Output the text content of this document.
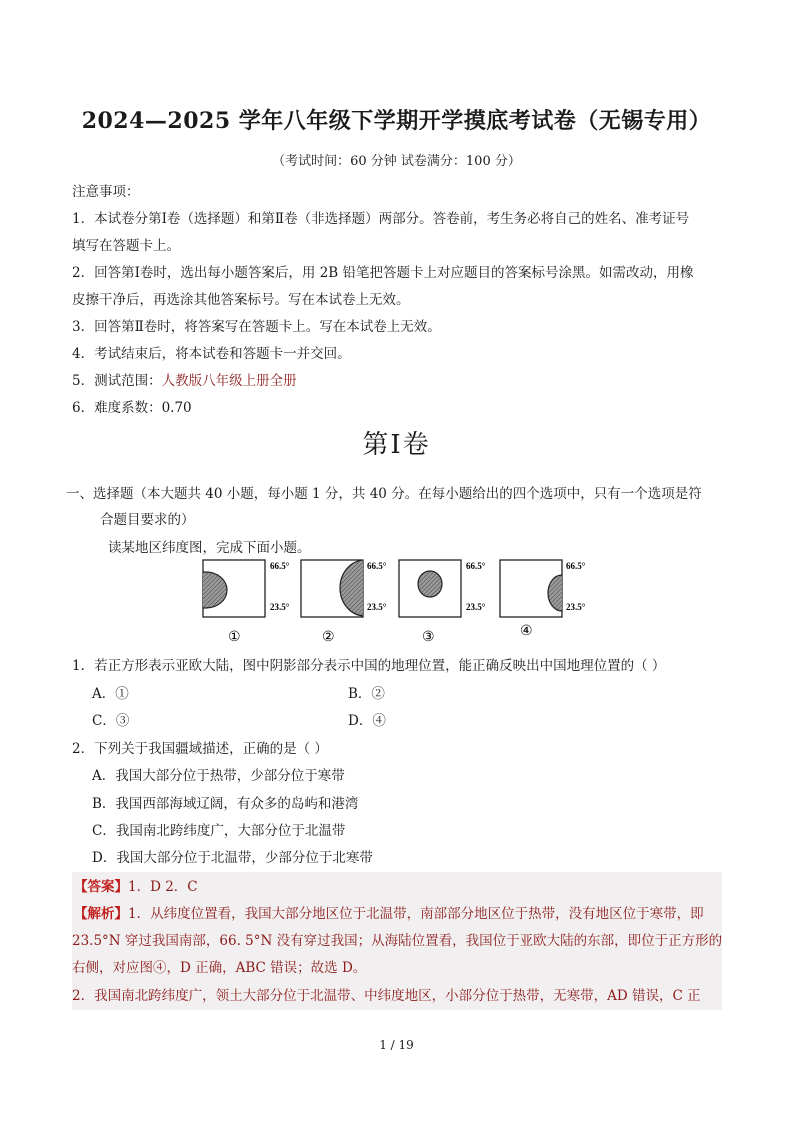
2024—2025 学年八年级下学期开学摸底考试卷（无锡专用）
（考试时间：60 分钟 试卷满分：100 分）
注意事项：
1．本试卷分第Ⅰ卷（选择题）和第Ⅱ卷（非选择题）两部分。答卷前，考生务必将自己的姓名、准考证号
填写在答题卡上。
2．回答第Ⅰ卷时，选出每小题答案后，用 2B 铅笔把答题卡上对应题目的答案标号涂黑。如需改动，用橡
皮擦干净后，再选涂其他答案标号。写在本试卷上无效。
3．回答第Ⅱ卷时，将答案写在答题卡上。写在本试卷上无效。
4．考试结束后，将本试卷和答题卡一并交回。
5．测试范围：人教版八年级上册全册
6．难度系数：0.70
第Ⅰ卷
一、选择题（本大题共 40 小题，每小题 1 分，共 40 分。在每小题给出的四个选项中，只有一个选项是符
合题目要求的）
读某地区纬度图，完成下面小题。
66.5°
23.5°
①
66.5°
23.5°
②
66.5°
23.5°
③
66.5°
23.5°
④
1．若正方形表示亚欧大陆，图中阴影部分表示中国的地理位置，能正确反映出中国地理位置的（ ）
A．①	B．②
C．③	D．④
2．下列关于我国疆域描述，正确的是（ ）
A．我国大部分位于热带，少部分位于寒带
B．我国西部海域辽阔，有众多的岛屿和港湾
C．我国南北跨纬度广，大部分位于北温带
D．我国大部分位于北温带，少部分位于北寒带
【答案】1．D 2．C
【解析】1．从纬度位置看，我国大部分地区位于北温带，南部部分地区位于热带，没有地区位于寒带，即
23.5°N 穿过我国南部，66. 5°N 没有穿过我国；从海陆位置看，我国位于亚欧大陆的东部，即位于正方形的
右侧，对应图④，D 正确，ABC 错误；故选 D。
2．我国南北跨纬度广，领土大部分位于北温带、中纬度地区，小部分位于热带，无寒带，AD 错误，C 正
1 / 19
